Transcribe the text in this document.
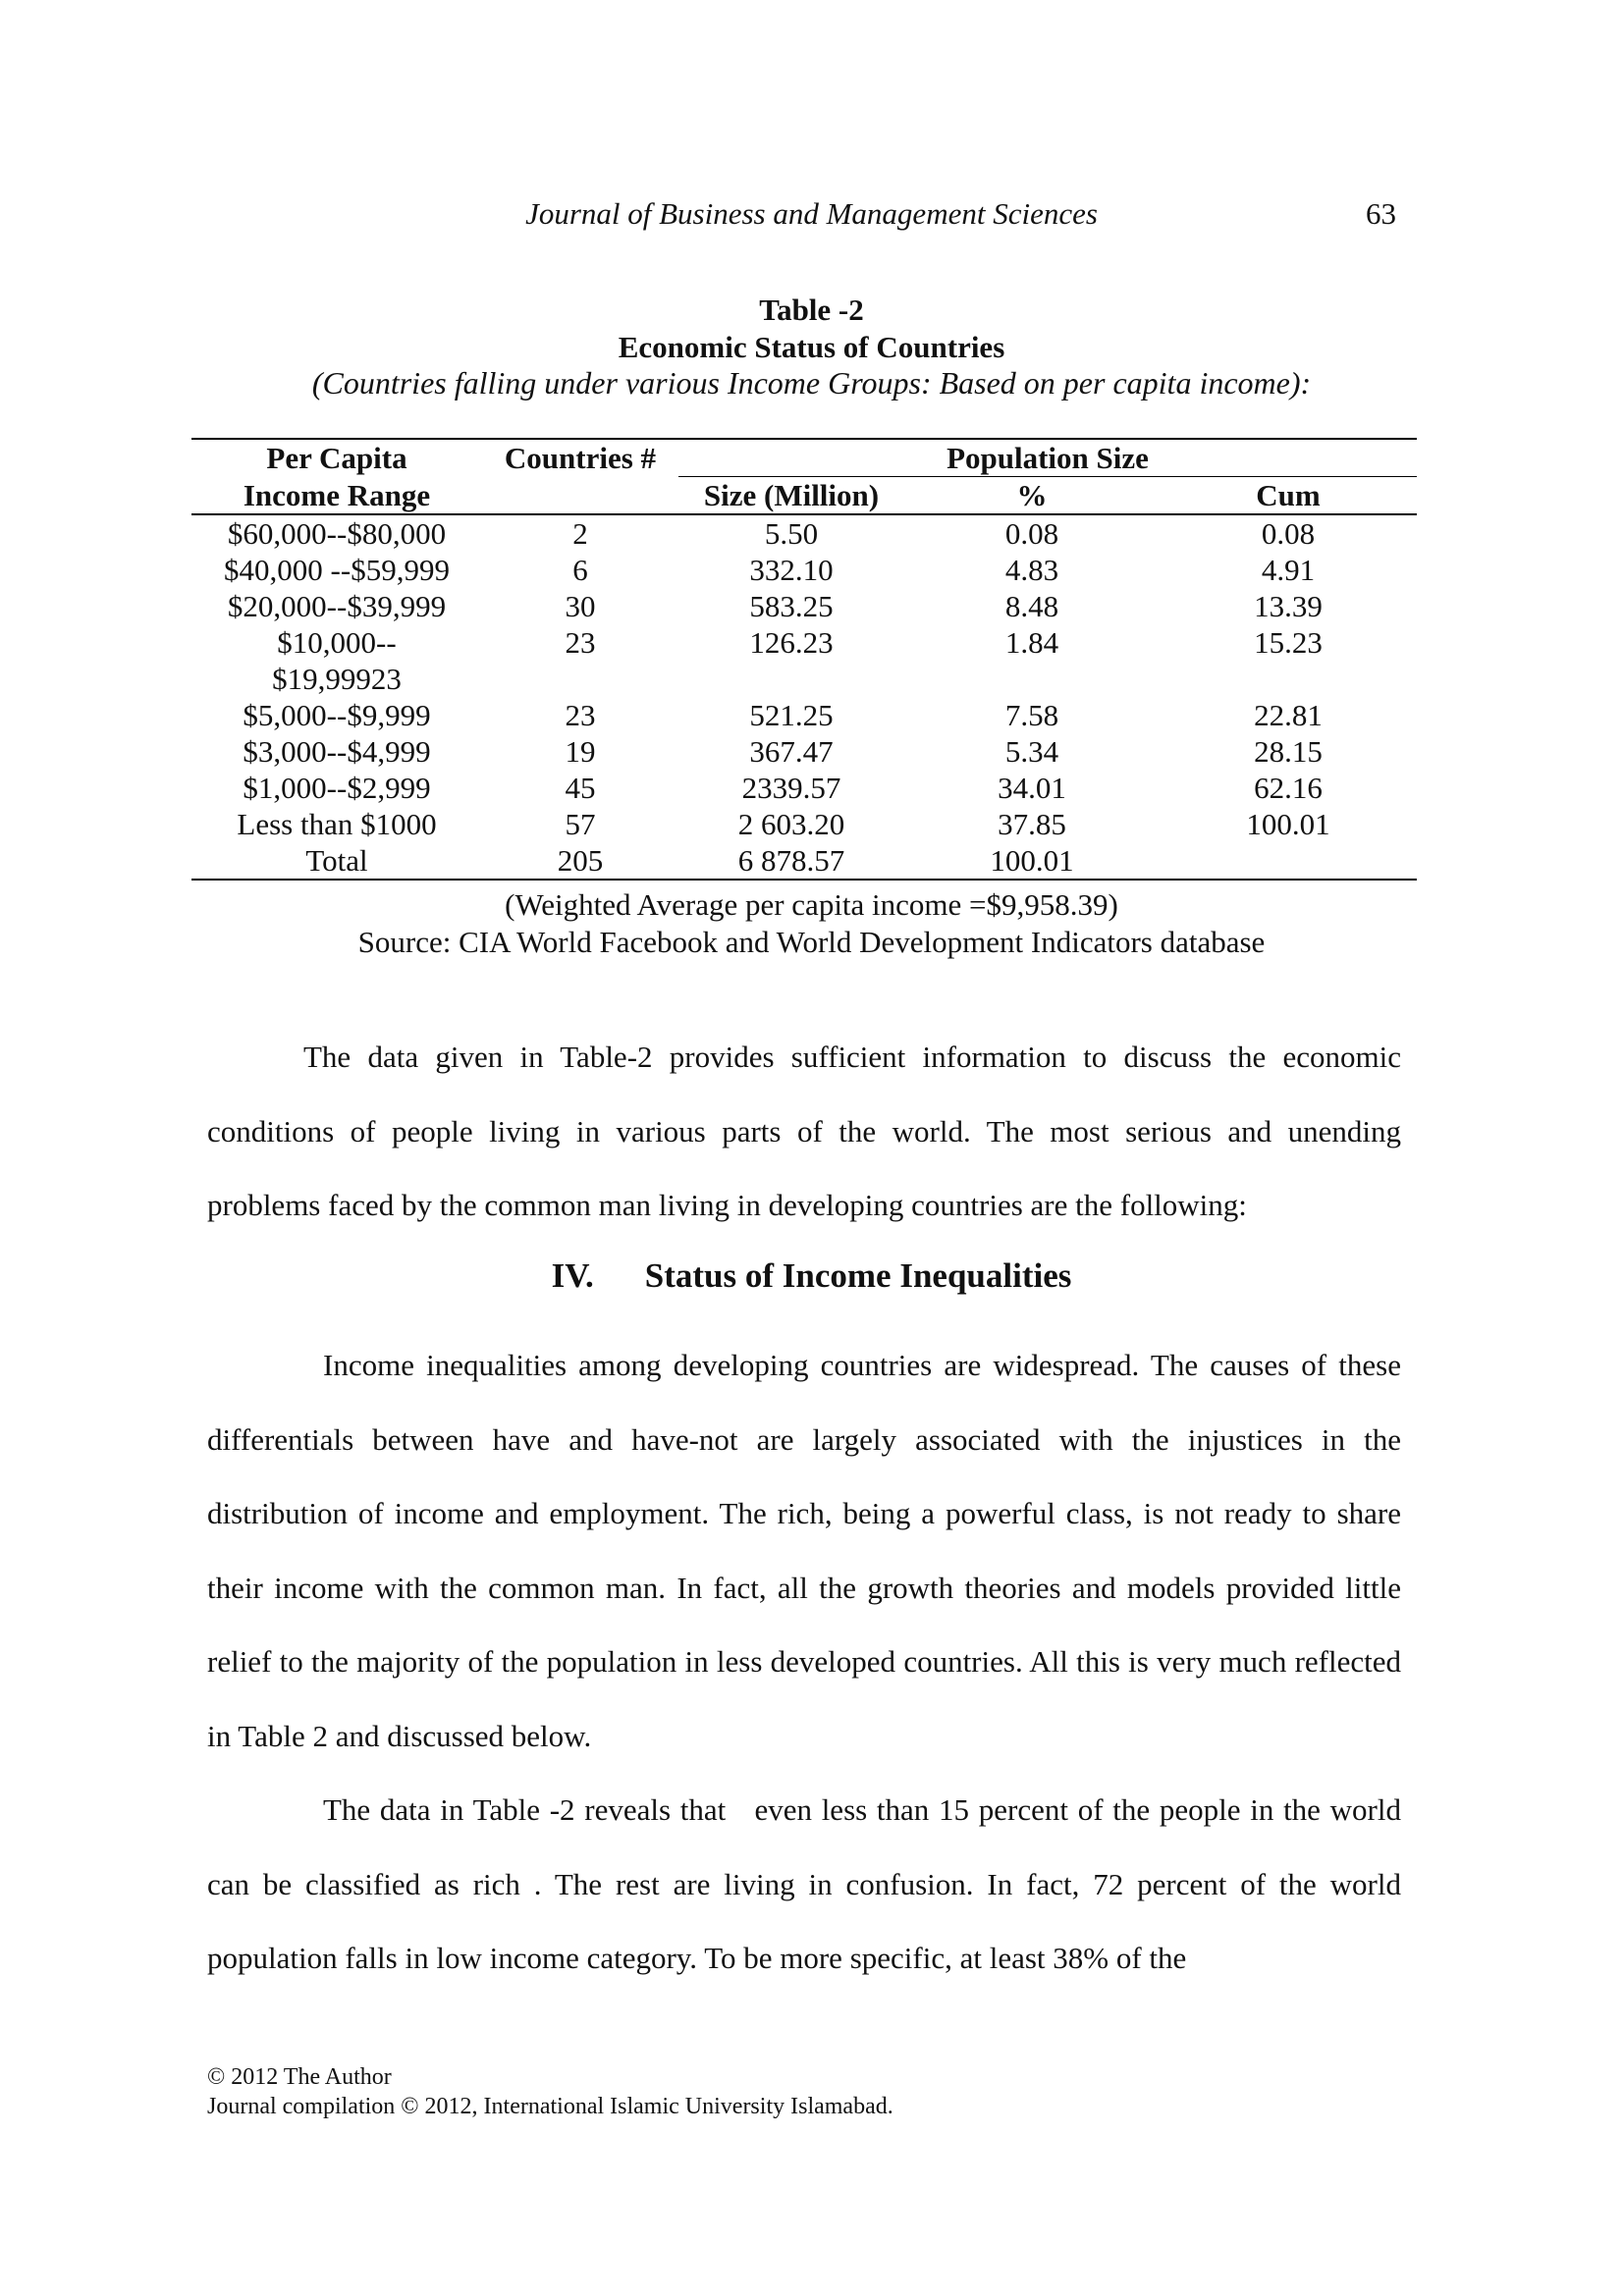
Journal of Business and Management Sciences	63
Table -2
Economic Status of Countries
(Countries falling under various Income Groups: Based on per capita income):
Per Capita	Countries #	Population Size		
Income Range		Size (Million)	%	Cum
$60,000--$80,000	2	5.50	0.08	0.08
$40,000 --$59,999	6	332.10	4.83	4.91
$20,000--$39,999	30	583.25	8.48	13.39

$10,000--
$19,99923	23	126.23	1.84	15.23
$5,000--$9,999	23	521.25	7.58	22.81
$3,000--$4,999	19	367.47	5.34	28.15
$1,000--$2,999	45	2339.57	34.01	62.16
Less than $1000	57	2 603.20	37.85	100.01
Total	205	6 878.57	100.01	
(Weighted Average per capita income =$9,958.39)
Source: CIA World Facebook and World Development Indicators database
The data given in Table-2 provides sufficient information to discuss the economic conditions of people living in various parts of the world. The most serious and unending problems faced by the common man living in developing countries are the following:
IV. Status of Income Inequalities
Income inequalities among developing countries are widespread. The causes of these differentials between have and have-not are largely associated with the injustices in the distribution of income and employment. The rich, being a powerful class, is not ready to share their income with the common man. In fact, all the growth theories and models provided little relief to the majority of the population in less developed countries. All this is very much reflected in Table 2 and discussed below.
The data in Table -2 reveals that   even less than 15 percent of the people in the world can be classified as rich . The rest are living in confusion. In fact, 72 percent of the world population falls in low income category. To be more specific, at least 38% of the
© 2012 The Author
Journal compilation © 2012, International Islamic University Islamabad.
